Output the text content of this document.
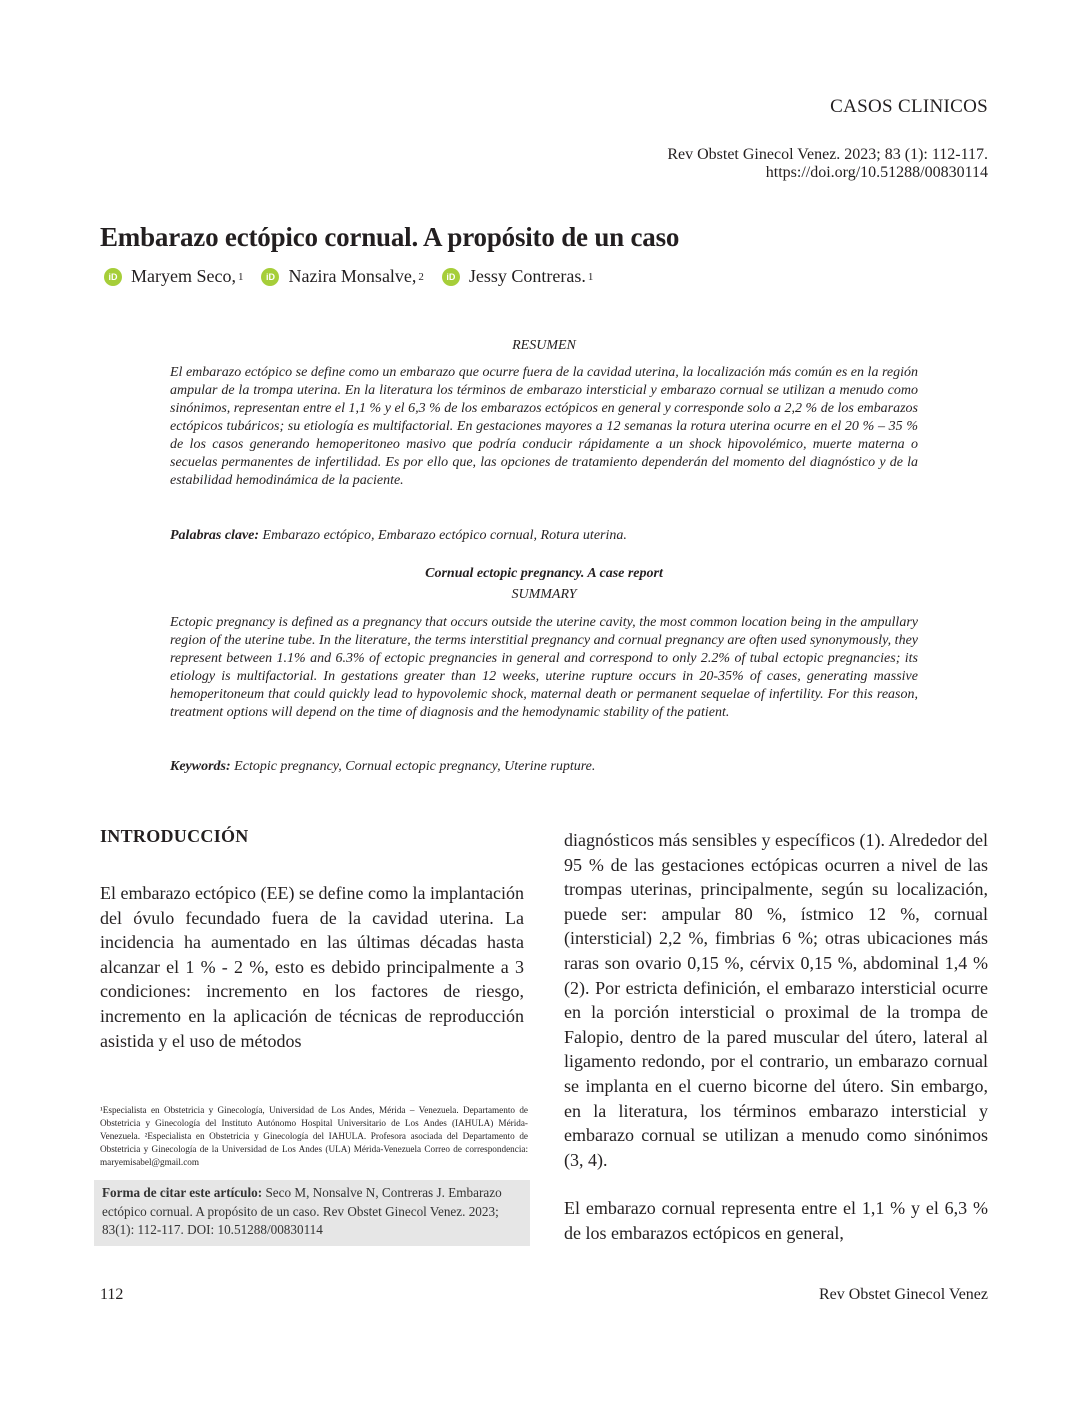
CASOS CLINICOS
Rev Obstet Ginecol Venez. 2023; 83 (1): 112-117.
https://doi.org/10.51288/00830114
Embarazo ectópico cornual. A propósito de un caso
iD Maryem Seco, 1	iD Nazira Monsalve, 2	iD Jessy Contreras. 1
RESUMEN
El embarazo ectópico se define como un embarazo que ocurre fuera de la cavidad uterina, la localización más común es en la región ampular de la trompa uterina. En la literatura los términos de embarazo intersticial y embarazo cornual se utilizan a menudo como sinónimos, representan entre el 1,1 % y el 6,3 % de los embarazos ectópicos en general y corresponde solo a 2,2 % de los embarazos ectópicos tubáricos; su etiología es multifactorial. En gestaciones mayores a 12 semanas la rotura uterina ocurre en el 20 % – 35 % de los casos generando hemoperitoneo masivo que podría conducir rápidamente a un shock hipovolémico, muerte materna o secuelas permanentes de infertilidad. Es por ello que, las opciones de tratamiento dependerán del momento del diagnóstico y de la estabilidad hemodinámica de la paciente.
Palabras clave: Embarazo ectópico, Embarazo ectópico cornual, Rotura uterina.
Cornual ectopic pregnancy. A case report
SUMMARY
Ectopic pregnancy is defined as a pregnancy that occurs outside the uterine cavity, the most common location being in the ampullary region of the uterine tube. In the literature, the terms interstitial pregnancy and cornual pregnancy are often used synonymously, they represent between 1.1% and 6.3% of ectopic pregnancies in general and correspond to only 2.2% of tubal ectopic pregnancies; its etiology is multifactorial. In gestations greater than 12 weeks, uterine rupture occurs in 20-35% of cases, generating massive hemoperitoneum that could quickly lead to hypovolemic shock, maternal death or permanent sequelae of infertility. For this reason, treatment options will depend on the time of diagnosis and the hemodynamic stability of the patient.
Keywords: Ectopic pregnancy, Cornual ectopic pregnancy, Uterine rupture.
INTRODUCCIÓN

El embarazo ectópico (EE) se define como la implantación del óvulo fecundado fuera de la cavidad uterina. La incidencia ha aumentado en las últimas décadas hasta alcanzar el 1 % - 2 %, esto es debido principalmente a 3 condiciones: incremento en los factores de riesgo, incremento en la aplicación de técnicas de reproducción asistida y el uso de métodos

diagnósticos más sensibles y específicos (1). Alrededor del 95 % de las gestaciones ectópicas ocurren a nivel de las trompas uterinas, principalmente, según su localización, puede ser: ampular 80 %, ístmico 12 %, cornual (intersticial) 2,2 %, fimbrias 6 %; otras ubicaciones más raras son ovario 0,15 %, cérvix 0,15 %, abdominal 1,4 % (2). Por estricta definición, el embarazo intersticial ocurre en la porción intersticial o proximal de la trompa de Falopio, dentro de la pared muscular del útero, lateral al ligamento redondo, por el contrario, un embarazo cornual se implanta en el cuerno bicorne del útero. Sin embargo, en la literatura, los términos embarazo intersticial y embarazo cornual se utilizan a menudo como sinónimos (3, 4).

El embarazo cornual representa entre el 1,1 % y el 6,3 % de los embarazos ectópicos en general,

¹Especialista en Obstetricia y Ginecología, Universidad de Los Andes, Mérida – Venezuela. Departamento de Obstetricia y Ginecología del Instituto Autónomo Hospital Universitario de Los Andes (IAHULA) Mérida- Venezuela. ²Especialista en Obstetricia y Ginecología del IAHULA. Profesora asociada del Departamento de Obstetricia y Ginecología de la Universidad de Los Andes (ULA) Mérida-Venezuela Correo de correspondencia: maryemisabel@gmail.com
Forma de citar este artículo: Seco M, Nonsalve N, Contreras J. Embarazo ectópico cornual. A propósito de un caso. Rev Obstet Ginecol Venez. 2023; 83(1): 112-117. DOI: 10.51288/00830114
112	Rev Obstet Ginecol Venez
